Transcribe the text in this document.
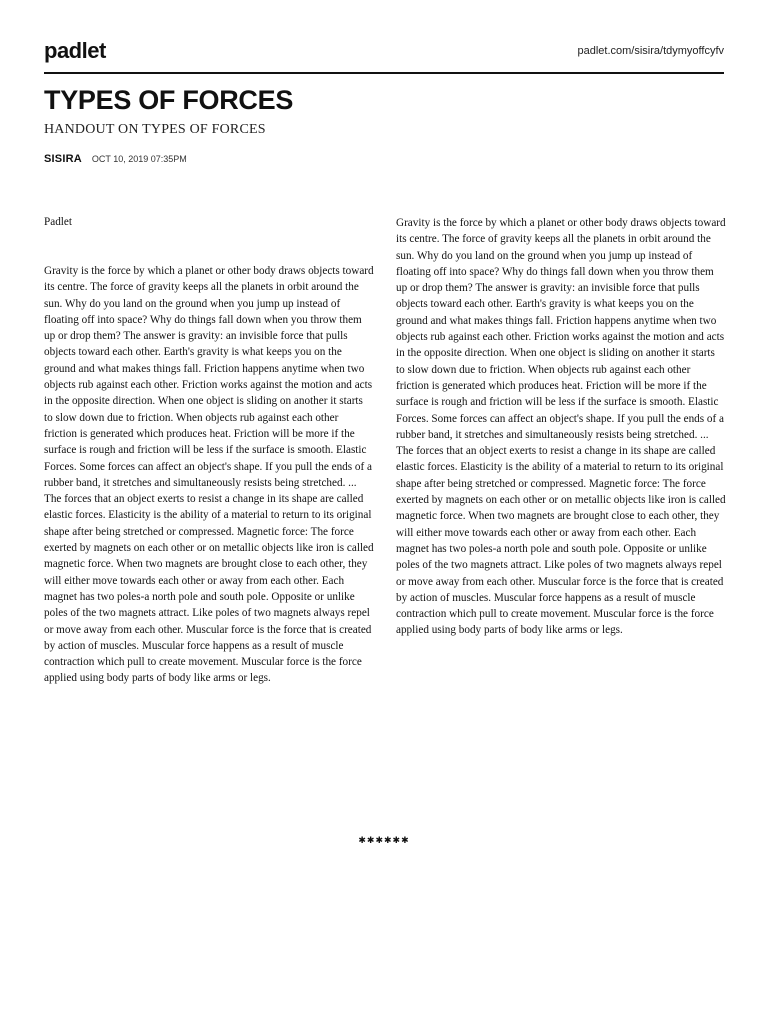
padlet	padlet.com/sisira/tdymyoffcyfv
TYPES OF FORCES
HANDOUT ON TYPES OF FORCES
SISIRA OCT 10, 2019 07:35PM
Padlet

Gravity is the force by which a planet or other body draws objects toward its centre. The force of gravity keeps all the planets in orbit around the sun. Why do you land on the ground when you jump up instead of floating off into space? Why do things fall down when you throw them up or drop them? The answer is gravity: an invisible force that pulls objects toward each other. Earth's gravity is what keeps you on the ground and what makes things fall. Friction happens anytime when two objects rub against each other. Friction works against the motion and acts in the opposite direction. When one object is sliding on another it starts to slow down due to friction. When objects rub against each other friction is generated which produces heat. Friction will be more if the surface is rough and friction will be less if the surface is smooth. Elastic Forces. Some forces can affect an object's shape. If you pull the ends of a rubber band, it stretches and simultaneously resists being stretched. ... The forces that an object exerts to resist a change in its shape are called elastic forces. Elasticity is the ability of a material to return to its original shape after being stretched or compressed. Magnetic force: The force exerted by magnets on each other or on metallic objects like iron is called magnetic force. When two magnets are brought close to each other, they will either move towards each other or away from each other. Each magnet has two poles-a north pole and south pole. Opposite or unlike poles of the two magnets attract. Like poles of two magnets always repel or move away from each other. Muscular force is the force that is created by action of muscles. Muscular force happens as a result of muscle contraction which pull to create movement. Muscular force is the force applied using body parts of body like arms or legs.

Gravity is the force by which a planet or other body draws objects toward its centre. The force of gravity keeps all the planets in orbit around the sun. Why do you land on the ground when you jump up instead of floating off into space? Why do things fall down when you throw them up or drop them? The answer is gravity: an invisible force that pulls objects toward each other. Earth's gravity is what keeps you on the ground and what makes things fall. Friction happens anytime when two objects rub against each other. Friction works against the motion and acts in the opposite direction. When one object is sliding on another it starts to slow down due to friction. When objects rub against each other friction is generated which produces heat. Friction will be more if the surface is rough and friction will be less if the surface is smooth. Elastic Forces. Some forces can affect an object's shape. If you pull the ends of a rubber band, it stretches and simultaneously resists being stretched. ... The forces that an object exerts to resist a change in its shape are called elastic forces. Elasticity is the ability of a material to return to its original shape after being stretched or compressed. Magnetic force: The force exerted by magnets on each other or on metallic objects like iron is called magnetic force. When two magnets are brought close to each other, they will either move towards each other or away from each other. Each magnet has two poles-a north pole and south pole. Opposite or unlike poles of the two magnets attract. Like poles of two magnets always repel or move away from each other. Muscular force is the force that is created by action of muscles. Muscular force happens as a result of muscle contraction which pull to create movement. Muscular force is the force applied using body parts of body like arms or legs.

✱✱✱✱✱✱
